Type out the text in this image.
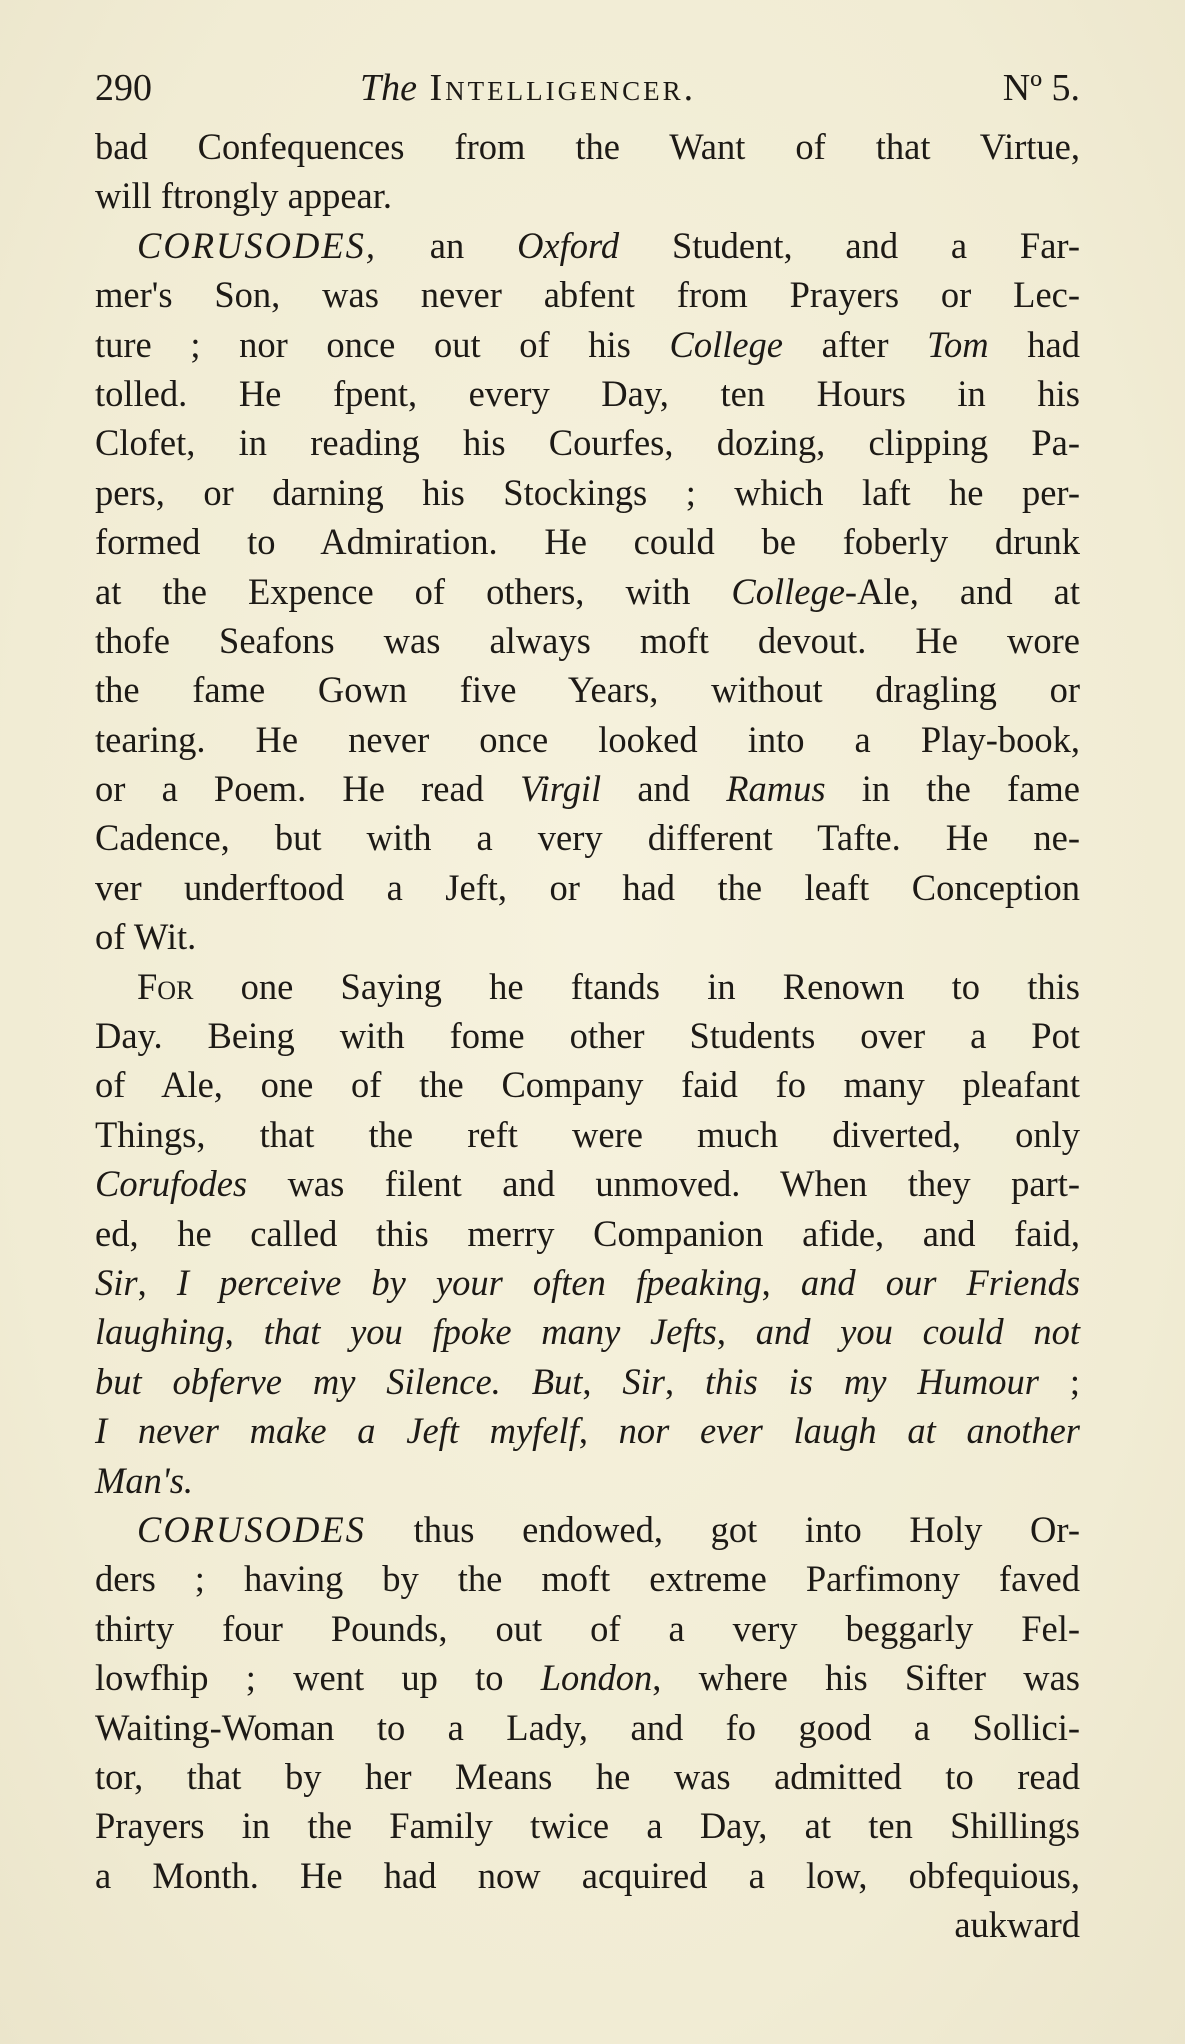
290	The Intelligencer.	Nº 5.
bad Confequences from the Want of that Virtue,
will ftrongly appear.
CORUSODES, an Oxford Student, and a Far-
mer's Son, was never abfent from Prayers or Lec-
ture ; nor once out of his College after Tom had
tolled. He fpent, every Day, ten Hours in his
Clofet, in reading his Courfes, dozing, clipping Pa-
pers, or darning his Stockings ; which laft he per-
formed to Admiration. He could be foberly drunk
at the Expence of others, with College-Ale, and at
thofe Seafons was always moft devout. He wore
the fame Gown five Years, without dragling or
tearing. He never once looked into a Play-book,
or a Poem. He read Virgil and Ramus in the fame
Cadence, but with a very different Tafte. He ne-
ver underftood a Jeft, or had the leaft Conception
of Wit.
For one Saying he ftands in Renown to this
Day. Being with fome other Students over a Pot
of Ale, one of the Company faid fo many pleafant
Things, that the reft were much diverted, only
Corufodes was filent and unmoved. When they part-
ed, he called this merry Companion afide, and faid,
Sir, I perceive by your often fpeaking, and our Friends
laughing, that you fpoke many Jefts, and you could not
but obferve my Silence. But, Sir, this is my Humour ;
I never make a Jeft myfelf, nor ever laugh at another
Man's.
CORUSODES thus endowed, got into Holy Or-
ders ; having by the moft extreme Parfimony faved
thirty four Pounds, out of a very beggarly Fel-
lowfhip ; went up to London, where his Sifter was
Waiting-Woman to a Lady, and fo good a Sollici-
tor, that by her Means he was admitted to read
Prayers in the Family twice a Day, at ten Shillings
a Month. He had now acquired a low, obfequious,
aukward
